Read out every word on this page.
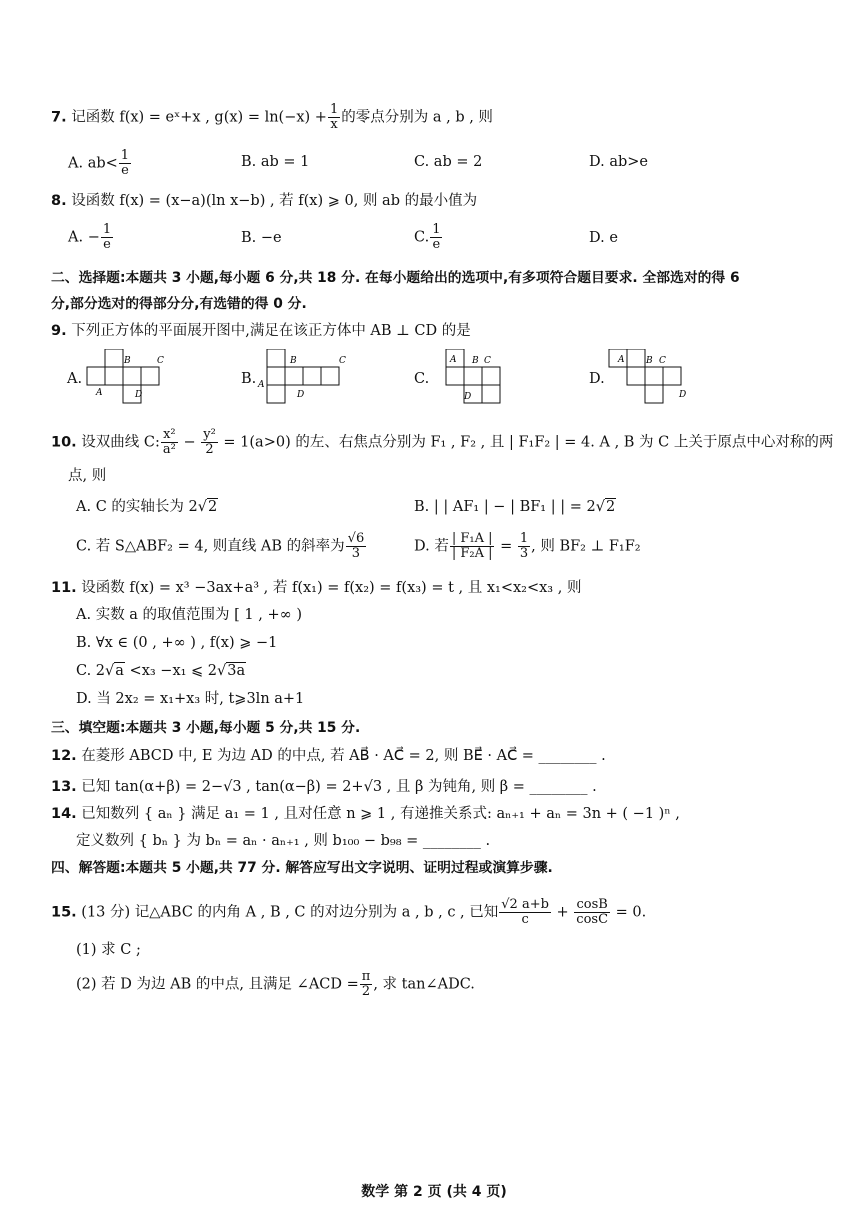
7. 记函数 f(x) = eˣ+x , $g(x) = \ln(-x) + \frac{1}{x}$ 的零点分别为 a , b , 则
A. $ab< \frac{1}{e}$	B. ab = 1	C. ab = 2	D. ab>e
8. 设函数 f(x) = (x−a)(ln x−b) , 若 f(x) ⩾ 0, 则 ab 的最小值为
A. − $\frac{1}{e}$	B. −e	C. $\frac{1}{e}$	D. e
二、选择题:本题共 3 小题,每小题 6 分,共 18 分. 在每小题给出的选项中,有多项符合题目要求. 全部选对的得 6
分,部分选对的得部分分,有选错的得 0 分.
9. 下列正方体的平面展开图中,满足在该正方体中 AB ⊥ CD 的是
A.
B	C
A	D
B.
B	C
A
D
C.
A B C
D
D.
A B C
D
10. 设双曲线 C: $\frac{\text{x²}}{\text{a²}} - \frac{\text{y²}}{2} = 1(a>0)$ 的左、右焦点分别为 F₁ , F₂ , 且 | F₁F₂ | = 4. A , B 为 C 上关于原点中心对称的两
点, 则
A. C 的实轴长为 2√2	B. | | AF₁ | − | BF₁ | | = 2√2
C. 若 S△ABF₂ = 4, 则直线 AB 的斜率为 $\frac{√6}{3}$	D. 若 $\frac{\text{| F₁A |}}{\text{| F₂A |}} = \frac{1}{3}$ , 则 BF₂ ⊥ F₁F₂
11. 设函数 f(x) = x³ −3ax+a³ , 若 f(x₁) = f(x₂) = f(x₃) = t , 且 x₁<x₂<x₃ , 则
A. 实数 a 的取值范围为 [ 1 , +∞ )
B. ∀x ∈ (0 , +∞ ) , f(x) ⩾ −1
C. 2√a <x₃ −x₁ ⩽ 2√3a
D. 当 2x₂ = x₁+x₃ 时, t⩾3ln a+1
三、填空题:本题共 3 小题,每小题 5 分,共 15 分.
12. 在菱形 ABCD 中, E 为边 AD 的中点, 若 AB⃗ · AC⃗ = 2, 则 BE⃗ · AC⃗ = ________ .
13. 已知 tan(α+β) = 2−√3 , tan(α−β) = 2+√3 , 且 β 为钝角, 则 β = ________ .
14. 已知数列 { aₙ } 满足 a₁ = 1 , 且对任意 n ⩾ 1 , 有递推关系式: aₙ₊₁ + aₙ = 3n + ( −1 )ⁿ ,
定义数列 { bₙ } 为 bₙ = aₙ · aₙ₊₁ , 则 b₁₀₀ − b₉₈ = ________ .
四、解答题:本题共 5 小题,共 77 分. 解答应写出文字说明、证明过程或演算步骤.
15. (13 分) 记△ABC 的内角 A , B , C 的对边分别为 a , b , c , 已知 $\frac{√2 a+b}{c} + \frac{\cos B}{\cos C} = 0$.
(1) 求 C ;
(2) 若 D 为边 AB 的中点, 且满足 ∠ACD = $\frac{\pi}{2}$ , 求 tan∠ADC.
数学 第 2 页 (共 4 页)
